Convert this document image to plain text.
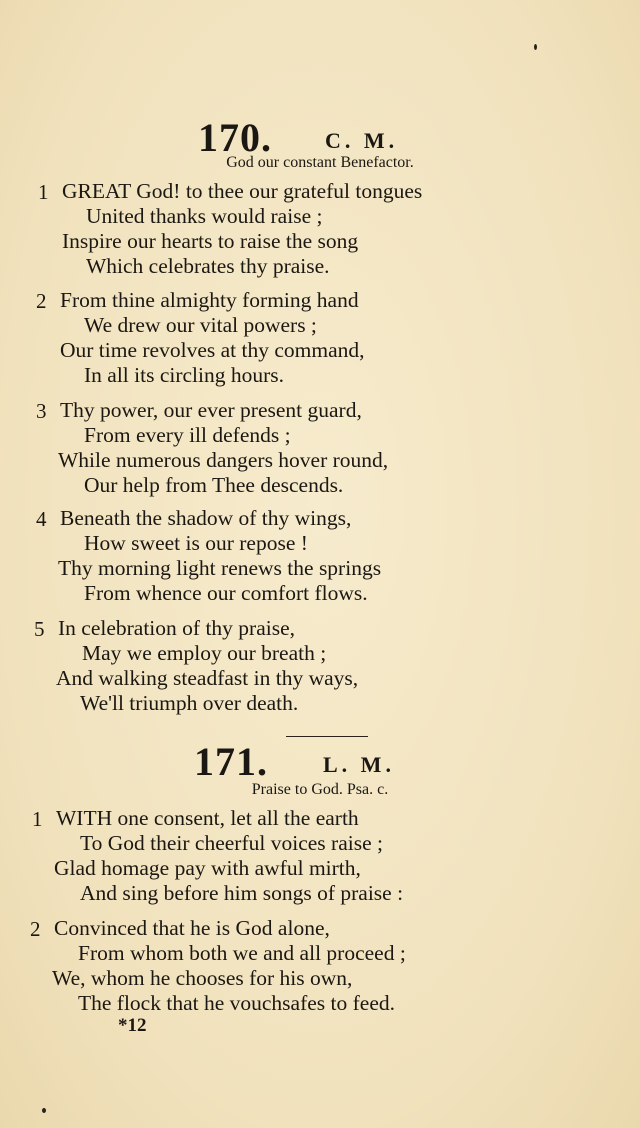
170. C. M.
God our constant Benefactor.
1 GREAT God! to thee our grateful tongues
United thanks would raise ;
Inspire our hearts to raise the song
Which celebrates thy praise.
2 From thine almighty forming hand
We drew our vital powers ;
Our time revolves at thy command,
In all its circling hours.
3 Thy power, our ever present guard,
From every ill defends ;
While numerous dangers hover round,
Our help from Thee descends.
4 Beneath the shadow of thy wings,
How sweet is our repose !
Thy morning light renews the springs
From whence our comfort flows.
5 In celebration of thy praise,
May we employ our breath ;
And walking steadfast in thy ways,
We'll triumph over death.
171.	L. M.
Praise to God. Psa. c.
1 WITH one consent, let all the earth
To God their cheerful voices raise ;
Glad homage pay with awful mirth,
And sing before him songs of praise :
2 Convinced that he is God alone,
From whom both we and all proceed ;
We, whom he chooses for his own,
The flock that he vouchsafes to feed.
*12
